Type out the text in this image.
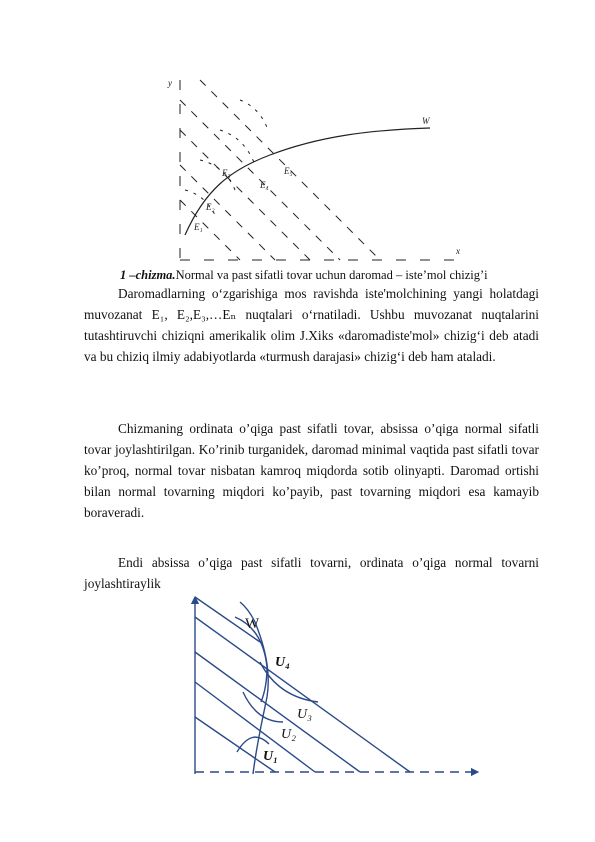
W
E₅
E₄
E₃
E₂
E₁
y
x
1 –chizma.Normal va past sifatli tovar uchun daromad – iste’mol chizig’i

Daromadlarning o‘zgarishiga mos ravishda iste'molchining yangi holatdagi muvozanat E₁, E₂,E₃,…Eₙ nuqtalari o‘rnatiladi. Ushbu muvozanat nuqtalarini tutashtiruvchi chiziqni amerikalik olim J.Xiks «daromadiste'mol» chizig‘i deb atadi va bu chiziq ilmiy adabiyotlarda «turmush darajasi» chizig‘i deb ham ataladi.

Chizmaning ordinata o’qiga past sifatli tovar, absissa o’qiga normal sifatli tovar joylashtirilgan. Ko’rinib turganidek, daromad minimal vaqtida past sifatli tovar ko’proq, normal tovar nisbatan kamroq miqdorda sotib olinyapti. Daromad ortishi bilan normal tovarning miqdori ko’payib, past tovarning miqdori esa kamayib boraveradi.

Endi absissa o’qiga past sifatli tovarni, ordinata o’qiga normal tovarni joylashtiraylik

W
U₄
U₃
U₂
U₁
